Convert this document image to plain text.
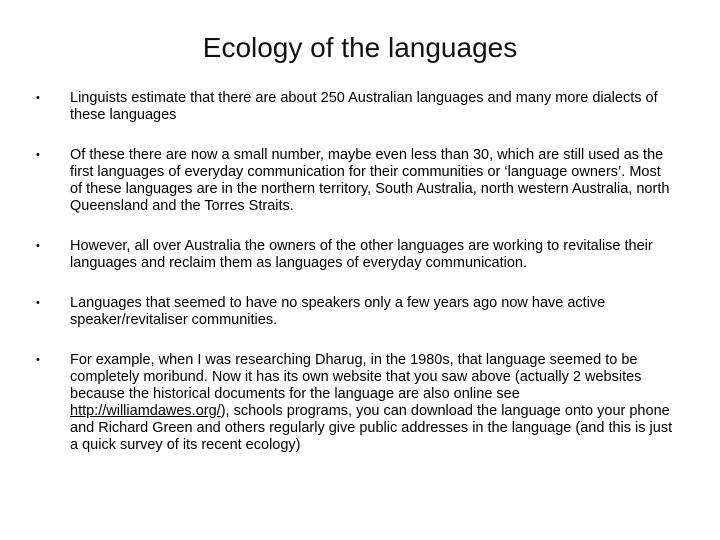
Ecology of the languages
•	Linguists estimate that there are about 250 Australian languages and many more dialects of these languages
•	Of these there are now a small number, maybe even less than 30, which are still used as the first languages of everyday communication for their communities or ‘language owners’. Most of these languages are in the northern territory, South Australia, north western Australia, north Queensland and the Torres Straits.
•	However, all over Australia the owners of the other languages are working to revitalise their languages and reclaim them as languages of everyday communication.
•	Languages that seemed to have no speakers only a few years ago now have active speaker/revitaliser communities.
•	For example, when I was researching Dharug, in the 1980s, that language seemed to be completely moribund. Now it has its own website that you saw above (actually 2 websites because the historical documents for the language are also online see http://williamdawes.org/), schools programs, you can download the language onto your phone and Richard Green and others regularly give public addresses in the language (and this is just a quick survey of its recent ecology)
